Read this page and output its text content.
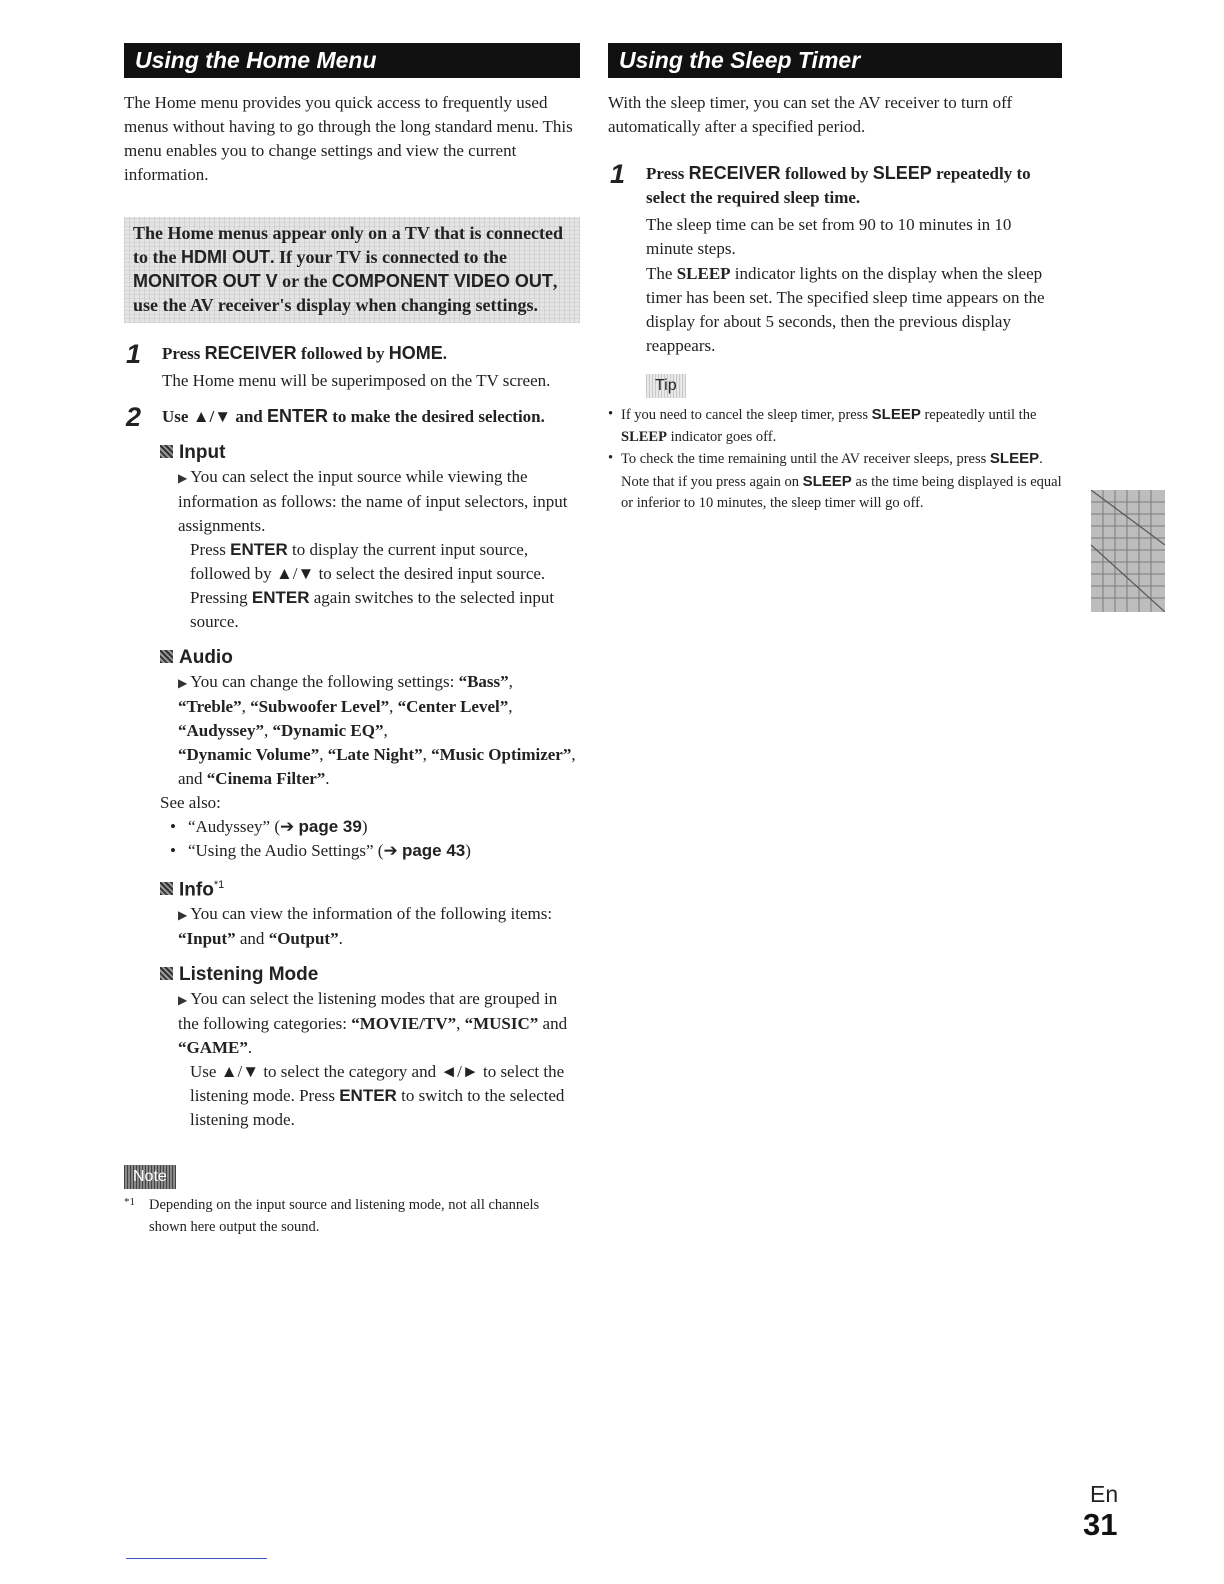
Using the Home Menu
The Home menu provides you quick access to frequently used menus without having to go through the long standard menu. This menu enables you to change settings and view the current information.
The Home menus appear only on a TV that is connected to the HDMI OUT. If your TV is connected to the MONITOR OUT V or the COMPONENT VIDEO OUT, use the AV receiver's display when changing settings.
1 Press RECEIVER followed by HOME.
The Home menu will be superimposed on the TV screen.
2 Use ▲/▼ and ENTER to make the desired selection.
Input
▶ You can select the input source while viewing the information as follows: the name of input selectors, input assignments.
Press ENTER to display the current input source, followed by ▲/▼ to select the desired input source. Pressing ENTER again switches to the selected input source.
Audio
▶ You can change the following settings: “Bass”, “Treble”, “Subwoofer Level”, “Center Level”, “Audyssey”, “Dynamic EQ”,
“Dynamic Volume”, “Late Night”, “Music Optimizer”, and “Cinema Filter”.
See also:
• “Audyssey” (➔ page 39)
• “Using the Audio Settings” (➔ page 43)
Info$^{*1}$
▶ You can view the information of the following items: “Input” and “Output”.
Listening Mode
▶ You can select the listening modes that are grouped in the following categories: “MOVIE/TV”, “MUSIC” and “GAME”.
Use ▲/▼ to select the category and ◄/► to select the listening mode. Press ENTER to switch to the selected listening mode.
Note
*1 Depending on the input source and listening mode, not all channels shown here output the sound.
Using the Sleep Timer
With the sleep timer, you can set the AV receiver to turn off automatically after a specified period.
1 Press RECEIVER followed by SLEEP repeatedly to select the required sleep time.
The sleep time can be set from 90 to 10 minutes in 10 minute steps.
The SLEEP indicator lights on the display when the sleep timer has been set. The specified sleep time appears on the display for about 5 seconds, then the previous display reappears.
Tip
• If you need to cancel the sleep timer, press SLEEP repeatedly until the SLEEP indicator goes off.
• To check the time remaining until the AV receiver sleeps, press SLEEP. Note that if you press again on SLEEP as the time being displayed is equal or inferior to 10 minutes, the sleep timer will go off.
En
31
